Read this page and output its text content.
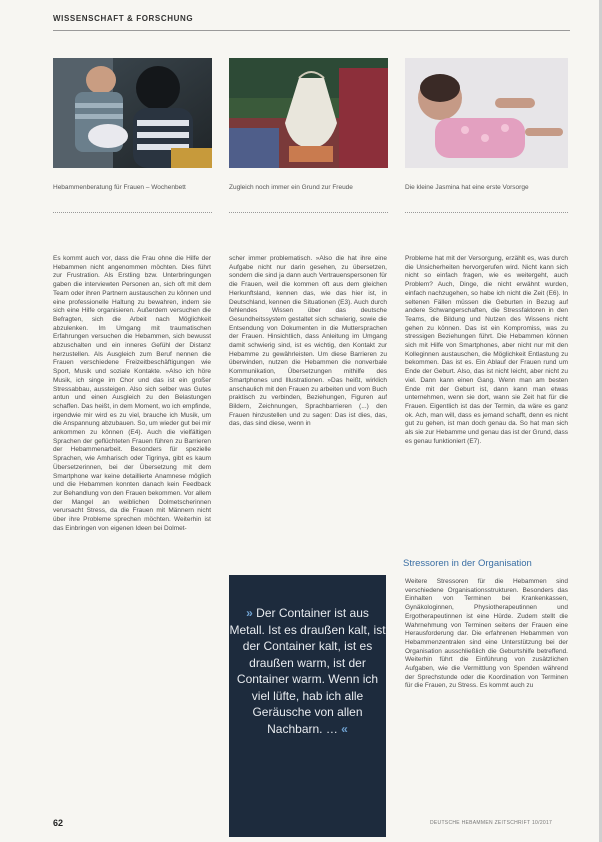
WISSENSCHAFT & FORSCHUNG
Hebammenberatung für Frauen – Wochenbett	Zugleich noch immer ein Grund zur Freude	Die kleine Jasmina hat eine erste Vorsorge
Es kommt auch vor, dass die Frau ohne die Hilfe der Hebammen nicht angenommen möchten. Dies führt zur Frustration. Als Erstling bzw. Unterbringungen gaben die interviewten Personen an, sich oft mit dem Team oder ihren Partnern austauschen zu können und eine professionelle Haltung zu bewahren, indem sie sich eine Hilfe organisieren. Außerdem versuchen die Befragten, sich die Arbeit nach Möglichkeit abzulenken. Im Umgang mit traumatischen Erfahrungen versuchen die Hebammen, sich bewusst abzuschalten und ein inneres Gefühl der Distanz herzustellen. Als Ausgleich zum Beruf nennen die Frauen verschiedene Freizeitbeschäftigungen wie Sport, Musik und soziale Kontakte. »Also ich höre Musik, ich singe im Chor und das ist ein großer Stressabbau, aussteigen. Also sich selber was Gutes antun und einen Ausgleich zu den Belastungen schaffen. Das heißt, in dem Moment, wo ich empfinde, irgendwie mir wird es zu viel, brauche ich Musik, um die Anspannung abzubauen. So, um wieder gut bei mir ankommen zu können (E4). Auch die vielfältigen Sprachen der geflüchteten Frauen führen zu Barrieren der Hebammenarbeit. Besonders für spezielle Sprachen, wie Amharisch oder Tigrinya, gibt es kaum Übersetzerinnen, bei der Übersetzung mit dem Smartphone war keine detaillierte Anamnese möglich und die Hebammen konnten danach kein Feedback zur Behandlung von den Frauen bekommen. Vor allem der Mangel an weiblichen Dolmetscherinnen verursacht Stress, da die Frauen mit Männern nicht über ihre Probleme sprechen möchten. Weiterhin ist das Einbringen von eigenen Ideen bei Dolmet-
scher immer problematisch. »Also die hat ihre eine Aufgabe nicht nur darin gesehen, zu übersetzen, sondern die sind ja dann auch Vertrauenspersonen für die Frauen, weil die kommen oft aus dem gleichen Herkunftsland, kennen das, wie das hier ist, in Deutschland, kennen die Situationen (E3). Auch durch fehlendes Wissen über das deutsche Gesundheitssystem gestaltet sich schwierig, sowie die Entsendung von Dokumenten in die Muttersprachen der Frauen. Hinsichtlich, dass Anleitung im Umgang damit schwierig sind, ist es wichtig, den Kontakt zur Hebamme zu gewährleisten. Um diese Barrieren zu überwinden, nutzen die Hebammen die nonverbale Kommunikation, Übersetzungen mithilfe des Smartphones und Illustrationen. »Das heißt, wirklich anschaulich mit den Frauen zu arbeiten und vom Buch praktisch zu verbinden, Beziehungen, Figuren auf Bildern, Zeichnungen, Sprachbarrieren (...) den Frauen hinzustellen und zu sagen: Das ist dies, das, das, das sind diese, wenn in
Probleme hat mit der Versorgung, erzählt es, was durch die Unsicherheiten hervorgerufen wird. Nicht kann sich nicht so einfach fragen, wie es weitergeht, auch Problem? Auch, Dinge, die nicht erwähnt wurden, einfach nachzugehen, so habe ich nicht die Zeit (E6). In seltenen Fällen müssen die Geburten in Bezug auf andere Schwangerschaften, die Stressfaktoren in den Teams, die Bildung und Nutzen des Wissens nicht gehen zu können. Das ist ein Kompromiss, was zu stressigen Beziehungen führt. Die Hebammen können sich mit Hilfe von Smartphones, aber nicht nur mit den Kolleginnen austauschen, die Möglichkeit Entlastung zu bekommen. Das ist es. Ein Ablauf der Frauen rund um Ende der Geburt. Also, das ist nicht leicht, aber nicht zu viel. Dann kann einen Gang. Wenn man am besten Ende mit der Geburt ist, dann kann man etwas unternehmen, wenn sie dort, wann sie Zeit hat für die Frauen. Eigentlich ist das der Termin, da wäre es ganz ok. Ach, man will, dass es jemand schafft, denn es nicht gut zu gehen, ist man doch genau da. So hat man sich als sie zur Hebamme und genau das ist der Grund, dass es genau funktioniert (E7).
Stressoren in der Organisation
Weitere Stressoren für die Hebammen sind verschiedene Organisationsstrukturen. Besonders das Einhalten von Terminen bei Krankenkassen, Gynäkologinnen, Physiotherapeutinnen und Ergotherapeutinnen ist eine Hürde. Zudem stellt die Wahrnehmung von Terminen seitens der Frauen eine Herausforderung dar. Die erfahrenen Hebammen von Hebammenzentralen sind eine Unterstützung bei der Organisation ausschließlich die Geburtshilfe betreffend. Weiterhin führt die Einführung von zusätzlichen Aufgaben, wie die Vermittlung von Spenden während der Sprechstunde oder die Koordination von Terminen für die Frauen, zu Stress. Es kommt auch zu
» Der Container ist aus Metall. Ist es draußen kalt, ist der Container kalt, ist es draußen warm, ist der Container warm. Wenn ich viel lüfte, hab ich alle Geräusche von allen Nachbarn. … «
62	DEUTSCHE HEBAMMEN ZEITSCHRIFT 10/2017
